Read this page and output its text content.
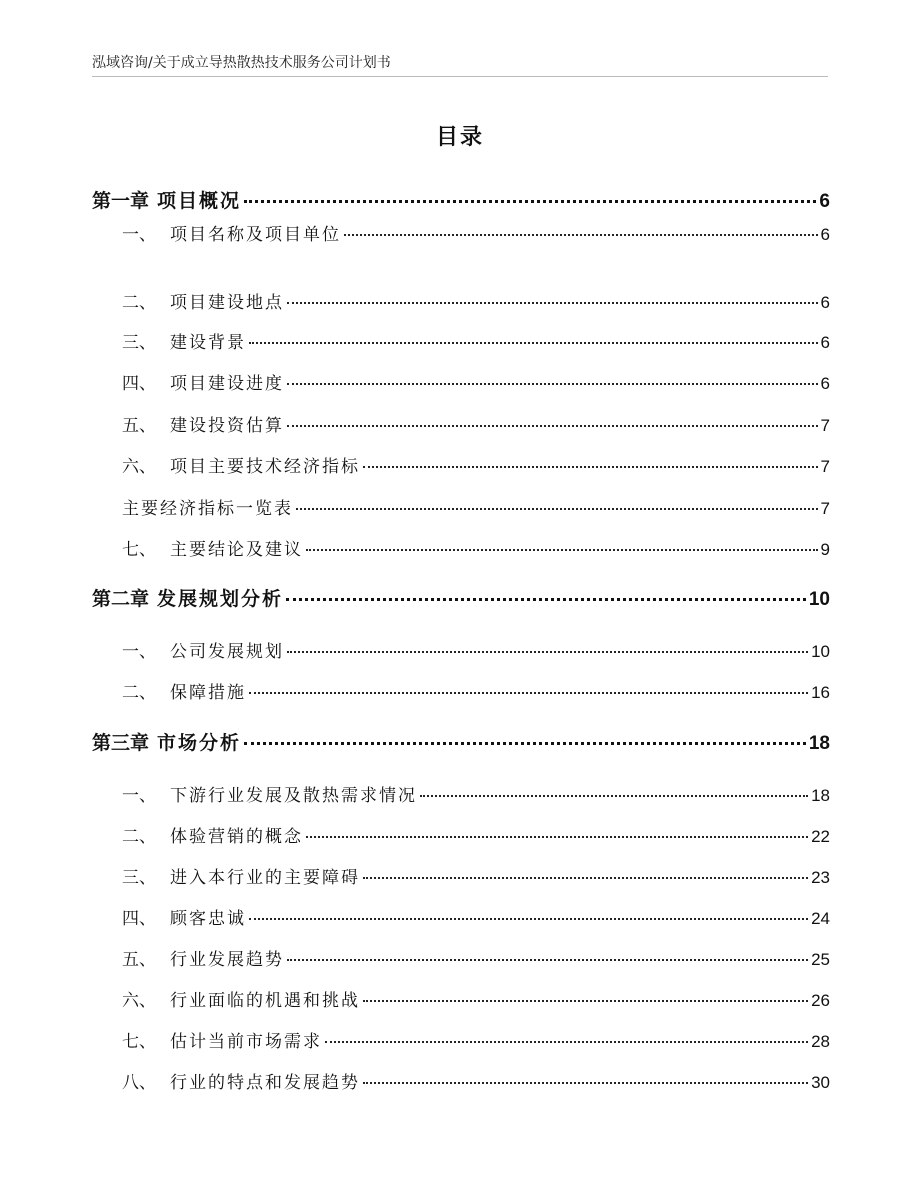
泓域咨询/关于成立导热散热技术服务公司计划书
目录
第一章 项目概况	6
一、 项目名称及项目单位	6
二、 项目建设地点	6
三、 建设背景	6
四、 项目建设进度	6
五、 建设投资估算	7
六、 项目主要技术经济指标	7
主要经济指标一览表	7
七、 主要结论及建议	9
第二章 发展规划分析	10
一、 公司发展规划	10
二、 保障措施	16
第三章 市场分析	18
一、 下游行业发展及散热需求情况	18
二、 体验营销的概念	22
三、 进入本行业的主要障碍	23
四、 顾客忠诚	24
五、 行业发展趋势	25
六、 行业面临的机遇和挑战	26
七、 估计当前市场需求	28
八、 行业的特点和发展趋势	30
